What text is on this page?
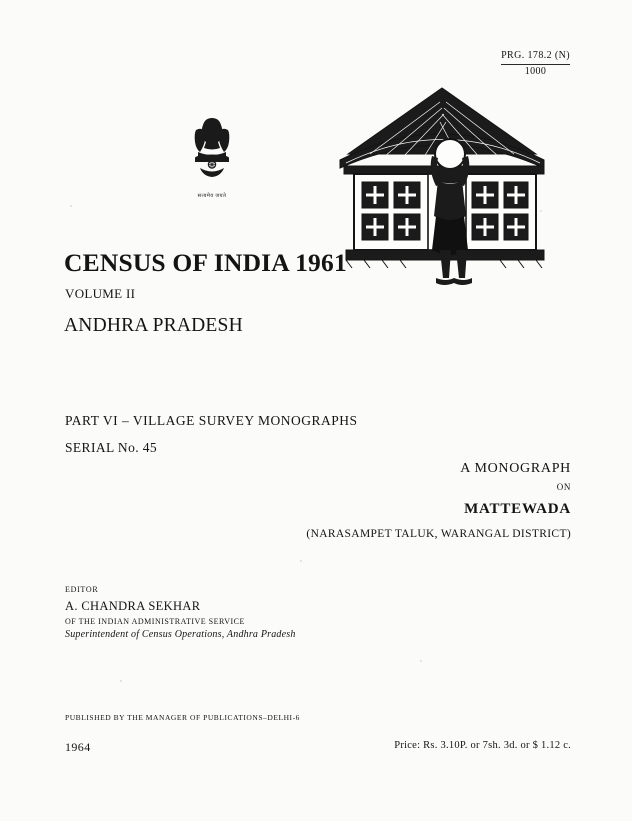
PRG. 178.2 (N)
1000
सत्यमेव जयते
CENSUS OF INDIA 1961
VOLUME II
ANDHRA PRADESH
PART VI – VILLAGE SURVEY MONOGRAPHS
SERIAL No. 45
A MONOGRAPH
ON
MATTEWADA
(NARASAMPET TALUK, WARANGAL DISTRICT)
EDITOR
A. CHANDRA SEKHAR
OF THE INDIAN ADMINISTRATIVE SERVICE
Superintendent of Census Operations, Andhra Pradesh
PUBLISHED BY THE MANAGER OF PUBLICATIONS–DELHI-6
1964	Price: Rs. 3.10P. or 7sh. 3d. or $ 1.12 c.
